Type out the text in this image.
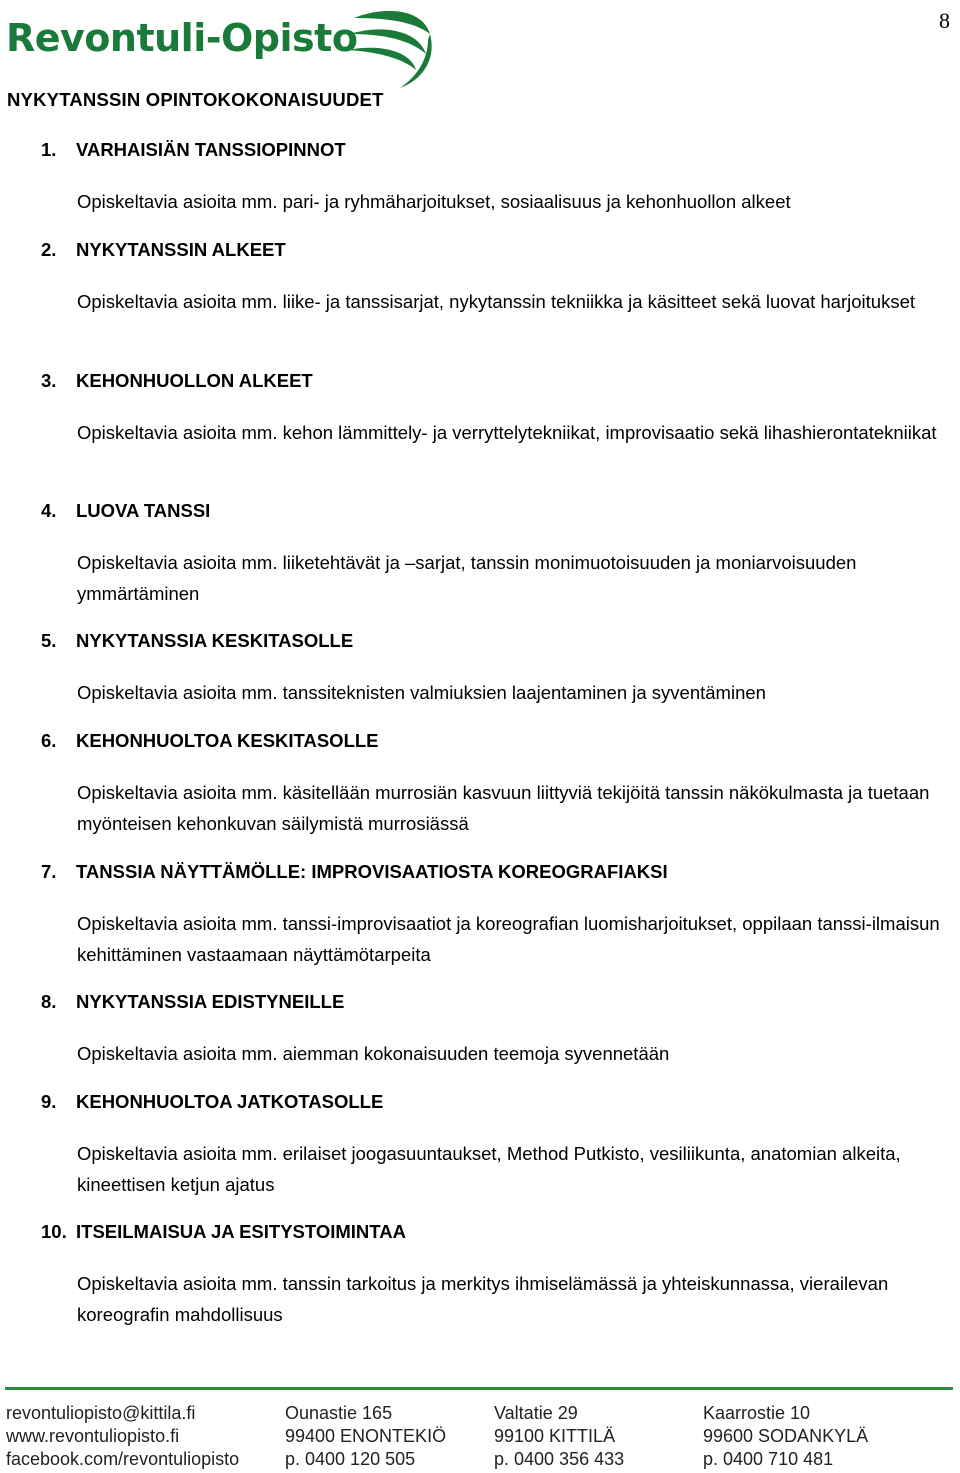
Revontuli-Opisto	8
NYKYTANSSIN OPINTOKOKONAISUUDET
1. VARHAISIÄN TANSSIOPINNOT

Opiskeltavia asioita mm. pari- ja ryhmäharjoitukset, sosiaalisuus ja kehonhuollon alkeet

2. NYKYTANSSIN ALKEET

Opiskeltavia asioita mm. liike- ja tanssisarjat, nykytanssin tekniikka ja käsitteet sekä luovat harjoitukset

3. KEHONHUOLLON ALKEET

Opiskeltavia asioita mm. kehon lämmittely- ja verryttelytekniikat, improvisaatio sekä lihashierontatekniikat

4. LUOVA TANSSI

Opiskeltavia asioita mm. liiketehtävät ja –sarjat, tanssin monimuotoisuuden ja moniarvoisuuden ymmärtäminen

5. NYKYTANSSIA KESKITASOLLE

Opiskeltavia asioita mm. tanssiteknisten valmiuksien laajentaminen ja syventäminen

6. KEHONHUOLTOA KESKITASOLLE

Opiskeltavia asioita mm. käsitellään murrosiän kasvuun liittyviä tekijöitä tanssin näkökulmasta ja tuetaan myönteisen kehonkuvan säilymistä murrosiässä

7. TANSSIA NÄYTTÄMÖLLE: IMPROVISAATIOSTA KOREOGRAFIAKSI

Opiskeltavia asioita mm. tanssi-improvisaatiot ja koreografian luomisharjoitukset, oppilaan tanssi-ilmaisun kehittäminen vastaamaan näyttämötarpeita

8. NYKYTANSSIA EDISTYNEILLE

Opiskeltavia asioita mm. aiemman kokonaisuuden teemoja syvennetään

9. KEHONHUOLTOA JATKOTASOLLE

Opiskeltavia asioita mm. erilaiset joogasuuntaukset, Method Putkisto, vesiliikunta, anatomian alkeita, kineettisen ketjun ajatus

10. ITSEILMAISUA JA ESITYSTOIMINTAA

Opiskeltavia asioita mm. tanssin tarkoitus ja merkitys ihmiselämässä ja yhteiskunnassa, vierailevan koreografin mahdollisuus

revontuliopisto@kittila.fi
www.revontuliopisto.fi
facebook.com/revontuliopisto
Ounastie 165
99400 ENONTEKIÖ
p. 0400 120 505
Valtatie 29
99100 KITTILÄ
p. 0400 356 433
Kaarrostie 10
99600 SODANKYLÄ
p. 0400 710 481
